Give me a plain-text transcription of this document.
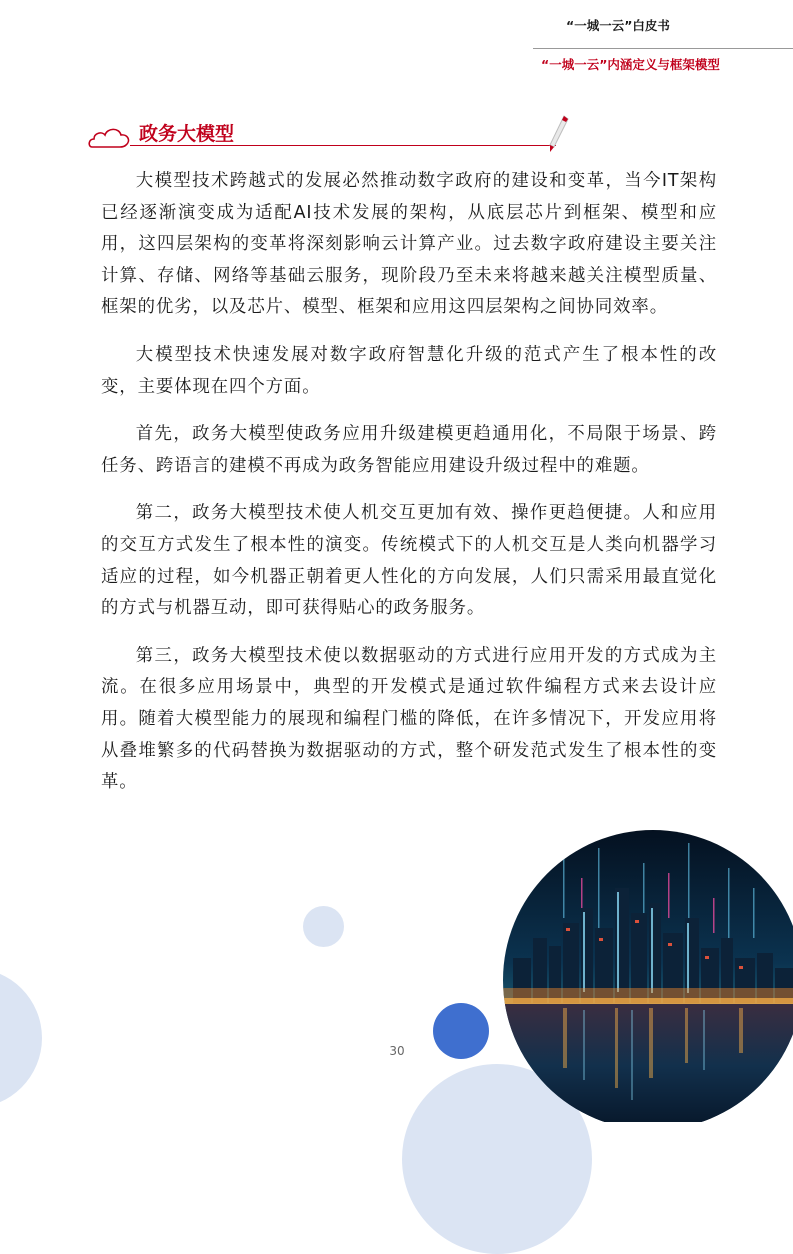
“一城一云”白皮书
“一城一云”内涵定义与框架模型
政务大模型

大模型技术跨越式的发展必然推动数字政府的建设和变革，当今IT架构已经逐渐演变成为适配AI技术发展的架构，从底层芯片到框架、模型和应用，这四层架构的变革将深刻影响云计算产业。过去数字政府建设主要关注计算、存储、网络等基础云服务，现阶段乃至未来将越来越关注模型质量、框架的优劣，以及芯片、模型、框架和应用这四层架构之间协同效率。

大模型技术快速发展对数字政府智慧化升级的范式产生了根本性的改变，主要体现在四个方面。

首先，政务大模型使政务应用升级建模更趋通用化，不局限于场景、跨任务、跨语言的建模不再成为政务智能应用建设升级过程中的难题。

第二，政务大模型技术使人机交互更加有效、操作更趋便捷。人和应用的交互方式发生了根本性的演变。传统模式下的人机交互是人类向机器学习适应的过程，如今机器正朝着更人性化的方向发展，人们只需采用最直觉化的方式与机器互动，即可获得贴心的政务服务。

第三，政务大模型技术使以数据驱动的方式进行应用开发的方式成为主流。在很多应用场景中，典型的开发模式是通过软件编程方式来去设计应用。随着大模型能力的展现和编程门槛的降低，在许多情况下，开发应用将从叠堆繁多的代码替换为数据驱动的方式，整个研发范式发生了根本性的变革。

30
